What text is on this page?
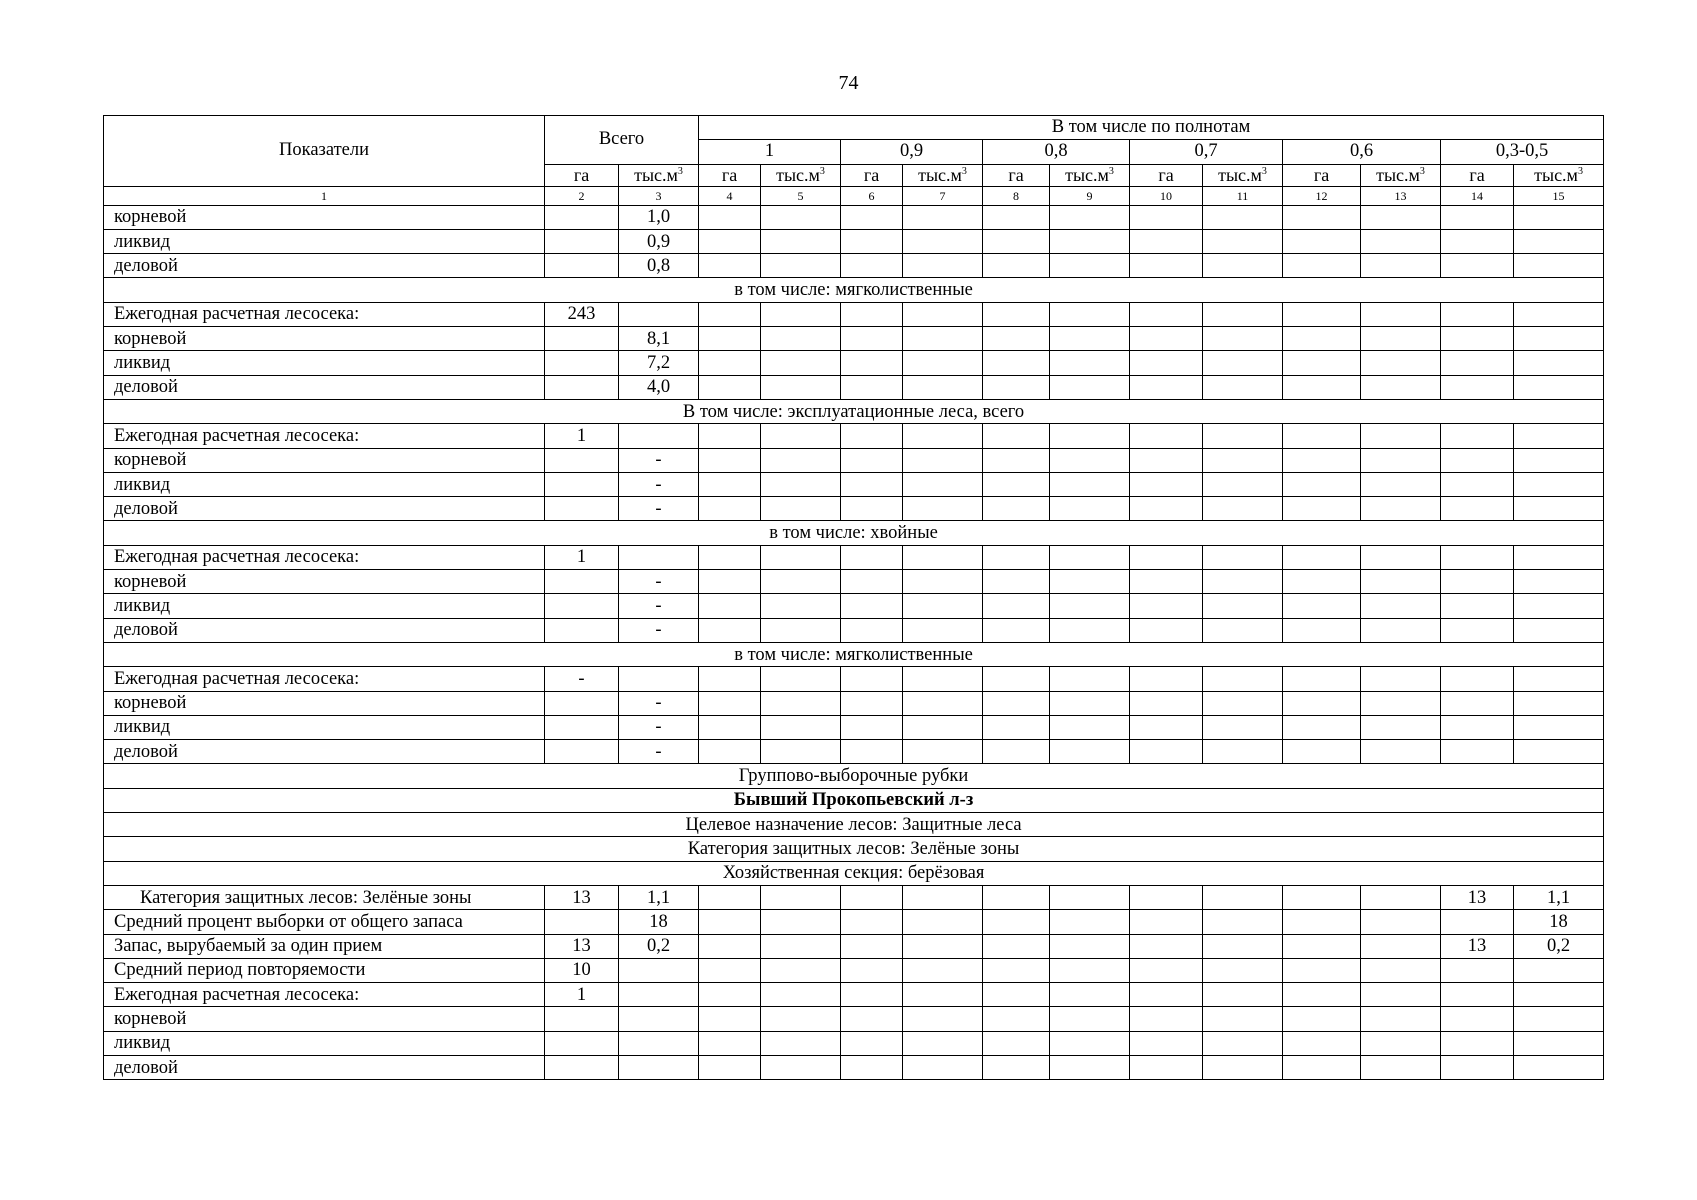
74
Показатели	Всего		В том числе по полнотам											
			1		0,9		0,8		0,7		0,6		0,3-0,5	
	га	$тыс.м^3$	га	$тыс.м^3$	га	$тыс.м^3$	га	$тыс.м^3$	га	$тыс.м^3$	га	$тыс.м^3$	га	$тыс.м^3$
1	2	3	4	5	6	7	8	9	10	11	12	13	14	15
корневой		1,0												
ликвид		0,9												
деловой		0,8												
в том числе: мягколиственные														
Ежегодная расчетная лесосека:	243													
корневой		8,1												
ликвид		7,2												
деловой		4,0												
В том числе: эксплуатационные леса, всего														
Ежегодная расчетная лесосека:	1													
корневой		-												
ликвид		-												
деловой		-												
в том числе: хвойные														
Ежегодная расчетная лесосека:	1													
корневой		-												
ликвид		-												
деловой		-												
в том числе: мягколиственные														
Ежегодная расчетная лесосека:	-													
корневой		-												
ликвид		-												
деловой		-												
Группово-выборочные рубки														
Бывший Прокопьевский л-з														
Целевое назначение лесов: Защитные леса														
Категория защитных лесов: Зелёные зоны														
Хозяйственная секция: берёзовая														
Категория защитных лесов: Зелёные зоны	13	1,1											13	1,1
Средний процент выборки от общего запаса		18												18
Запас, вырубаемый за один прием	13	0,2											13	0,2
Средний период повторяемости	10													
Ежегодная расчетная лесосека:	1													
корневой														
ликвид														
деловой														
